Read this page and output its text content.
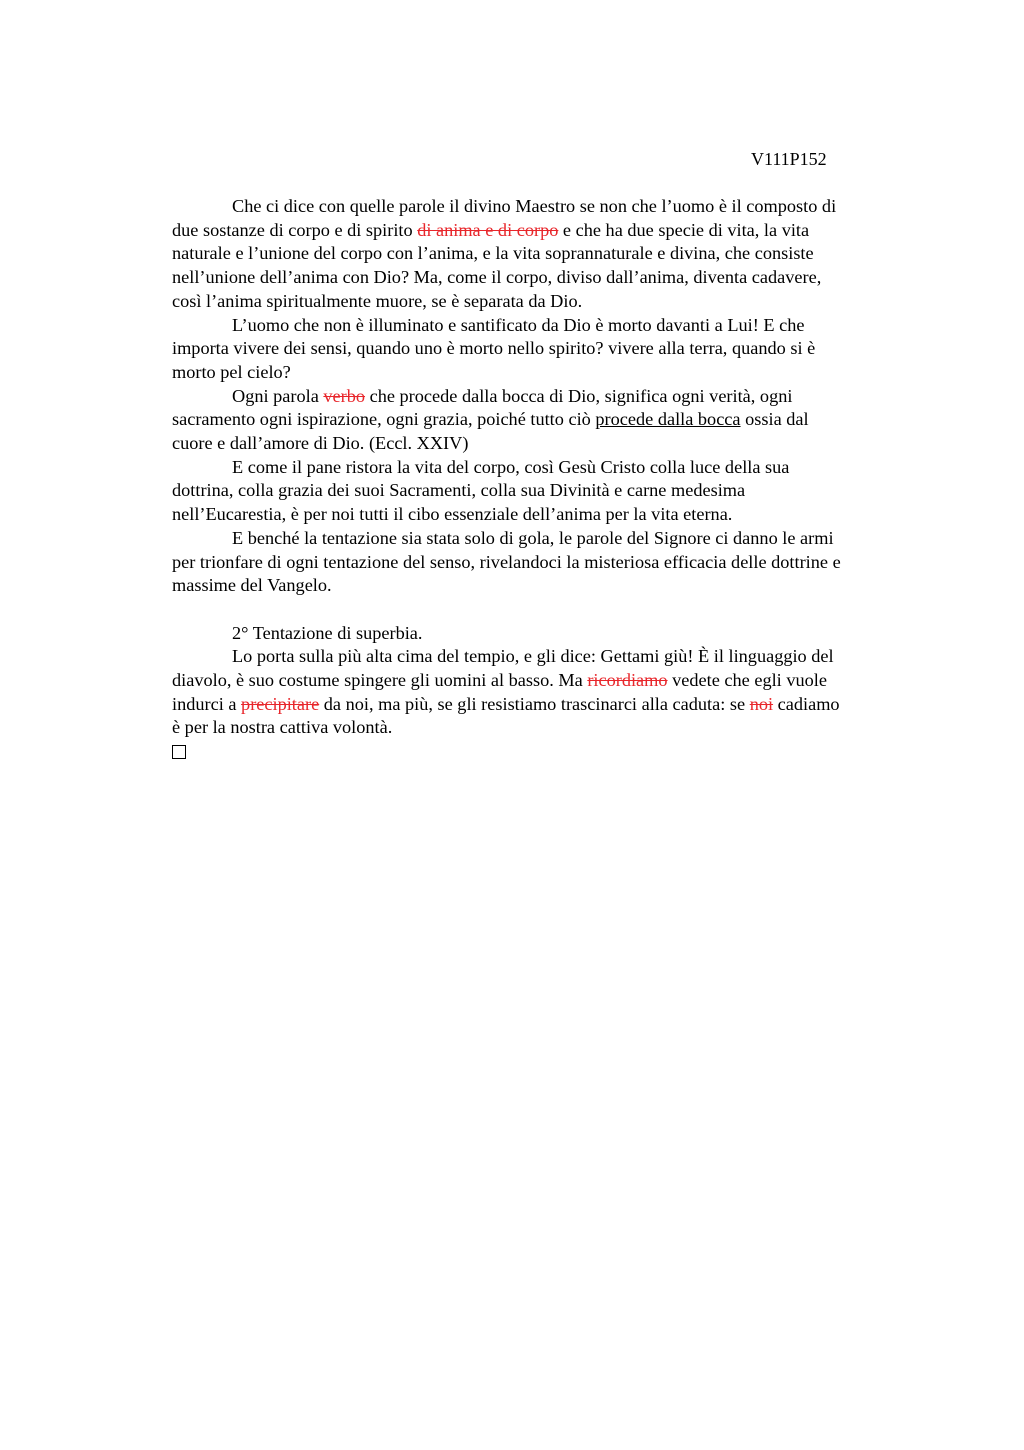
V111P152

Che ci dice con quelle parole il divino Maestro se non che l’uomo è il composto di
due sostanze di corpo e di spirito di anima e di corpo e che ha due specie di vita, la vita
naturale e l’unione del corpo con l’anima, e la vita soprannaturale e divina, che consiste
nell’unione dell’anima con Dio? Ma, come il corpo, diviso dall’anima, diventa cadavere,
così l’anima spiritualmente muore, se è separata da Dio.

L’uomo che non è illuminato e santificato da Dio è morto davanti a Lui! E che
importa vivere dei sensi, quando uno è morto nello spirito? vivere alla terra, quando si è
morto pel cielo?

Ogni parola verbo che procede dalla bocca di Dio, significa ogni verità, ogni
sacramento ogni ispirazione, ogni grazia, poiché tutto ciò procede dalla bocca ossia dal
cuore e dall’amore di Dio. (Eccl. XXIV)

E come il pane ristora la vita del corpo, così Gesù Cristo colla luce della sua
dottrina, colla grazia dei suoi Sacramenti, colla sua Divinità e carne medesima
nell’Eucarestia, è per noi tutti il cibo essenziale dell’anima per la vita eterna.

E benché la tentazione sia stata solo di gola, le parole del Signore ci danno le armi
per trionfare di ogni tentazione del senso, rivelandoci la misteriosa efficacia delle dottrine e
massime del Vangelo.

2° Tentazione di superbia.

Lo porta sulla più alta cima del tempio, e gli dice: Gettami giù! È il linguaggio del
diavolo, è suo costume spingere gli uomini al basso. Ma ricordiamo vedete che egli vuole
indurci a precipitare da noi, ma più, se gli resistiamo trascinarci alla caduta: se noi cadiamo
è per la nostra cattiva volontà.
